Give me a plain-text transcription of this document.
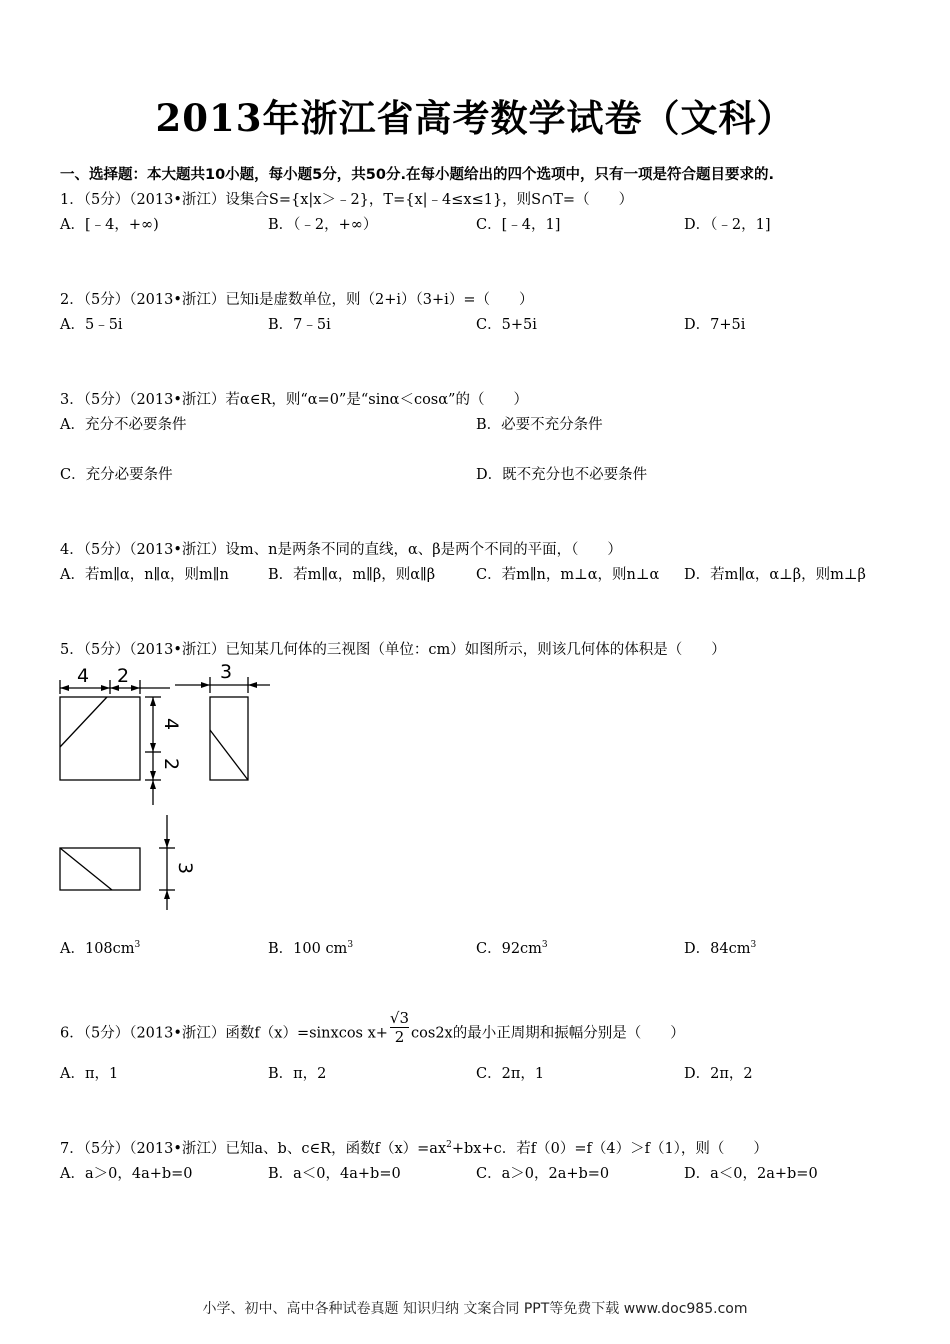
2013年浙江省高考数学试卷（文科）
一、选择题：本大题共10小题，每小题5分，共50分.在每小题给出的四个选项中，只有一项是符合题目要求的.
1．（5分）（2013•浙江）设集合S={x|x＞﹣2}，T={x|﹣4≤x≤1}，则S∩T=（　　）
A．[﹣4，+∞)	B．（﹣2，+∞）	C．[﹣4，1]	D．（﹣2，1]
2．（5分）（2013•浙江）已知i是虚数单位，则（2+i）（3+i）=（　　）
A．5﹣5i	B．7﹣5i	C．5+5i	D．7+5i
3．（5分）（2013•浙江）若α∈R，则“α=0”是“sinα＜cosα”的（　　）
A．充分不必要条件	B．必要不充分条件
C．充分必要条件	D．既不充分也不必要条件
4．（5分）（2013•浙江）设m、n是两条不同的直线，α、β是两个不同的平面，（　　）
A．若m∥α，n∥α，则m∥n	B．若m∥α，m∥β，则α∥β	C．若m∥n，m⊥α，则n⊥α D．若m∥α，α⊥β，则m⊥β
5．（5分）（2013•浙江）已知某几何体的三视图（单位：cm）如图所示，则该几何体的体积是（　　）
4 2	3
4
2
3
A．$108cm^3$	B．100 $cm^3$	C．$92cm^3$	D．$84cm^3$
6．（5分）（2013•浙江）函数f（x）=sinxcos $x+ \frac{√3}{2} \cos 2x$的最小正周期和振幅分别是（　　）
A．π，1	B．π，2	C．2π，1	D．2π，2
7．（5分）（2013•浙江）已知a、b、c∈R，函数$f(x)=ax^2+bx+c$．若f（0）=f（4）＞f（1），则（　　）
A．a＞0，4a+b=0	B．a＜0，4a+b=0	C．a＞0，2a+b=0	D．a＜0，2a+b=0
小学、初中、高中各种试卷真题 知识归纳 文案合同 PPT等免费下载 www.doc985.com
